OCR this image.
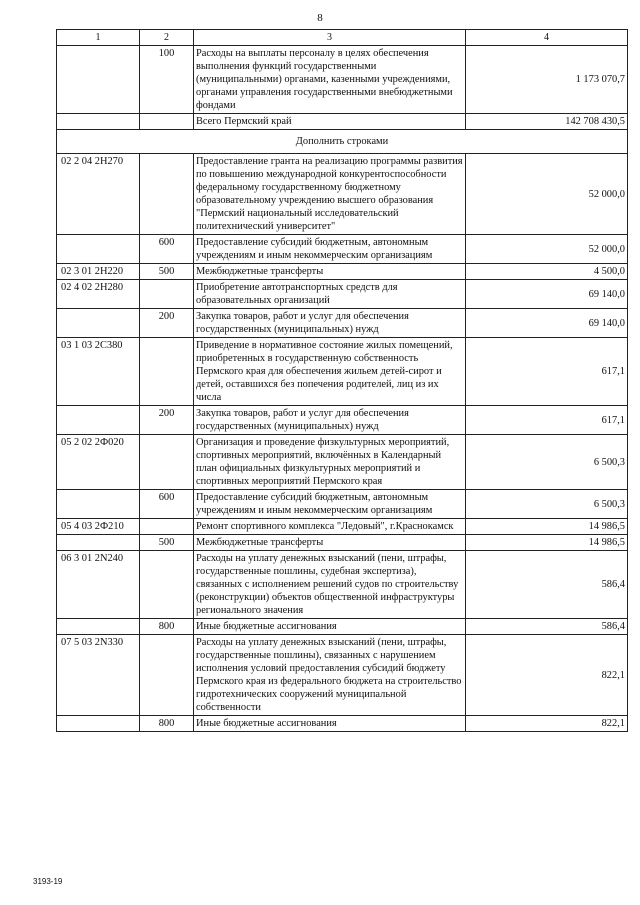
8
1	2	3	4
	100	Расходы на выплаты персоналу в целях обеспечения выполнения функций государственными (муниципальными) органами, казенными учреждениями, органами управления государственными внебюджетными фондами	1 173 070,7
		Всего Пермский край	142 708 430,5
Дополнить строками			
02 2 04 2Н270		Предоставление гранта на реализацию программы развития по повышению международной конкурентоспособности федеральному государственному бюджетному образовательному учреждению высшего образования "Пермский национальный исследовательский политехнический университет"	52 000,0
	600	Предоставление субсидий бюджетным, автономным учреждениям и иным некоммерческим организациям	52 000,0
02 3 01 2Н220	500	Межбюджетные трансферты	4 500,0
02 4 02 2Н280		Приобретение автотранспортных средств для образовательных организаций	69 140,0
	200	Закупка товаров, работ и услуг для обеспечения государственных (муниципальных) нужд	69 140,0
03 1 03 2С380		Приведение в нормативное состояние жилых помещений, приобретенных в государственную собственность Пермского края для обеспечения жильем детей-сирот и детей, оставшихся без попечения родителей, лиц из их числа	617,1
	200	Закупка товаров, работ и услуг для обеспечения государственных (муниципальных) нужд	617,1
05 2 02 2Ф020		Организация и проведение физкультурных мероприятий, спортивных мероприятий, включённых в Календарный план официальных физкультурных мероприятий и спортивных мероприятий Пермского края	6 500,3
	600	Предоставление субсидий бюджетным, автономным учреждениям и иным некоммерческим организациям	6 500,3
05 4 03 2Ф210		Ремонт спортивного комплекса "Ледовый", г.Краснокамск	14 986,5
	500	Межбюджетные трансферты	14 986,5
06 3 01 2N240		Расходы на уплату денежных взысканий (пени, штрафы, государственные пошлины, судебная экспертиза), связанных с исполнением решений судов по строительству (реконструкции) объектов общественной инфраструктуры регионального значения	586,4
	800	Иные бюджетные ассигнования	586,4
07 5 03 2N330		Расходы на уплату денежных взысканий (пени, штрафы, государственные пошлины), связанных с нарушением исполнения условий предоставления субсидий бюджету Пермского края из федерального бюджета на строительство гидротехнических сооружений муниципальной собственности	822,1
	800	Иные бюджетные ассигнования	822,1
3193-19
